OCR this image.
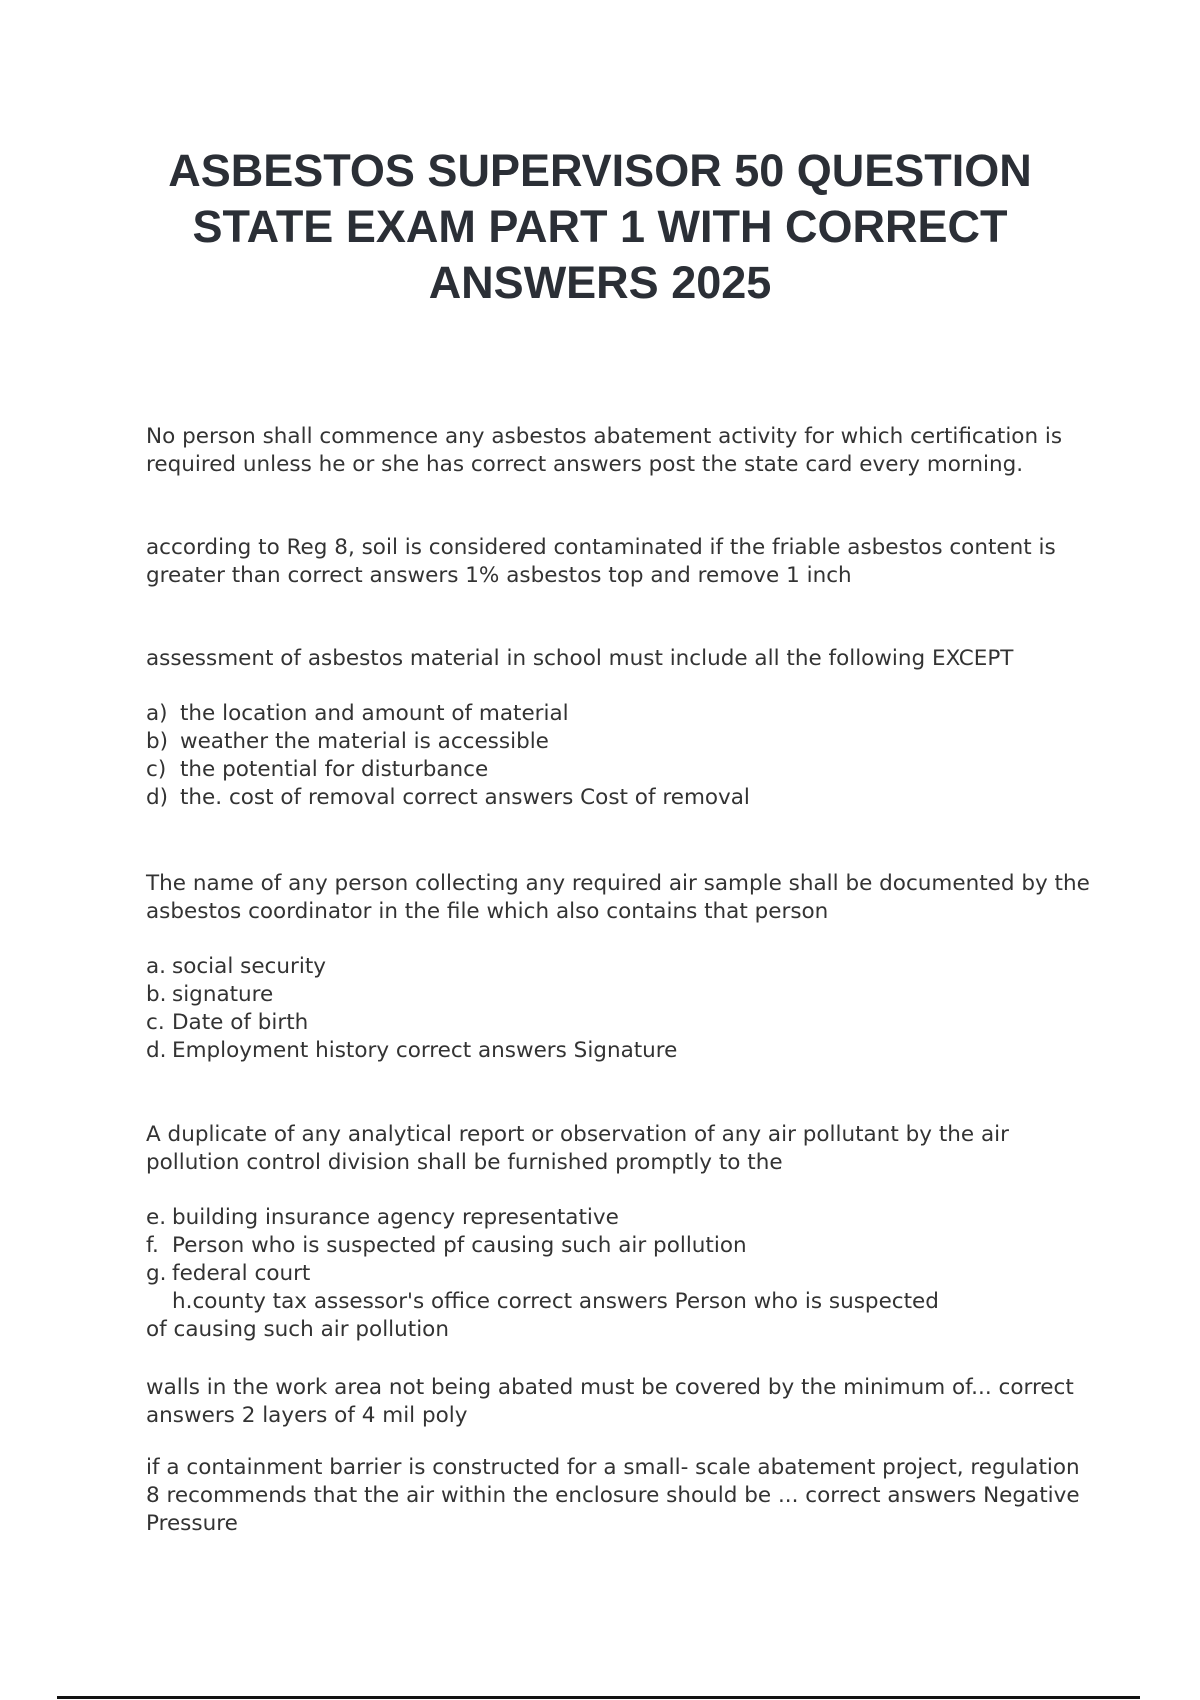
ASBESTOS SUPERVISOR 50 QUESTION
STATE EXAM PART 1 WITH CORRECT
ANSWERS 2025

No person shall commence any asbestos abatement activity for which certification is required unless he or she has correct answers post the state card every morning.

according to Reg 8, soil is considered contaminated if the friable asbestos content is greater than correct answers 1% asbestos top and remove 1 inch

assessment of asbestos material in school must include all the following EXCEPT

a) the location and amount of material
b) weather the material is accessible
c) the potential for disturbance
d) the. cost of removal correct answers Cost of removal

The name of any person collecting any required air sample shall be documented by the asbestos coordinator in the file which also contains that person

a. social security
b. signature
c. Date of birth
d. Employment history correct answers Signature

A duplicate of any analytical report or observation of any air pollutant by the air pollution control division shall be furnished promptly to the

e. building insurance agency representative
f. Person who is suspected pf causing such air pollution
g. federal court
h.county tax assessor's office correct answers Person who is suspected
of causing such air pollution

walls in the work area not being abated must be covered by the minimum of... correct answers 2 layers of 4 mil poly

if a containment barrier is constructed for a small- scale abatement project, regulation 8 recommends that the air within the enclosure should be ... correct answers Negative Pressure
